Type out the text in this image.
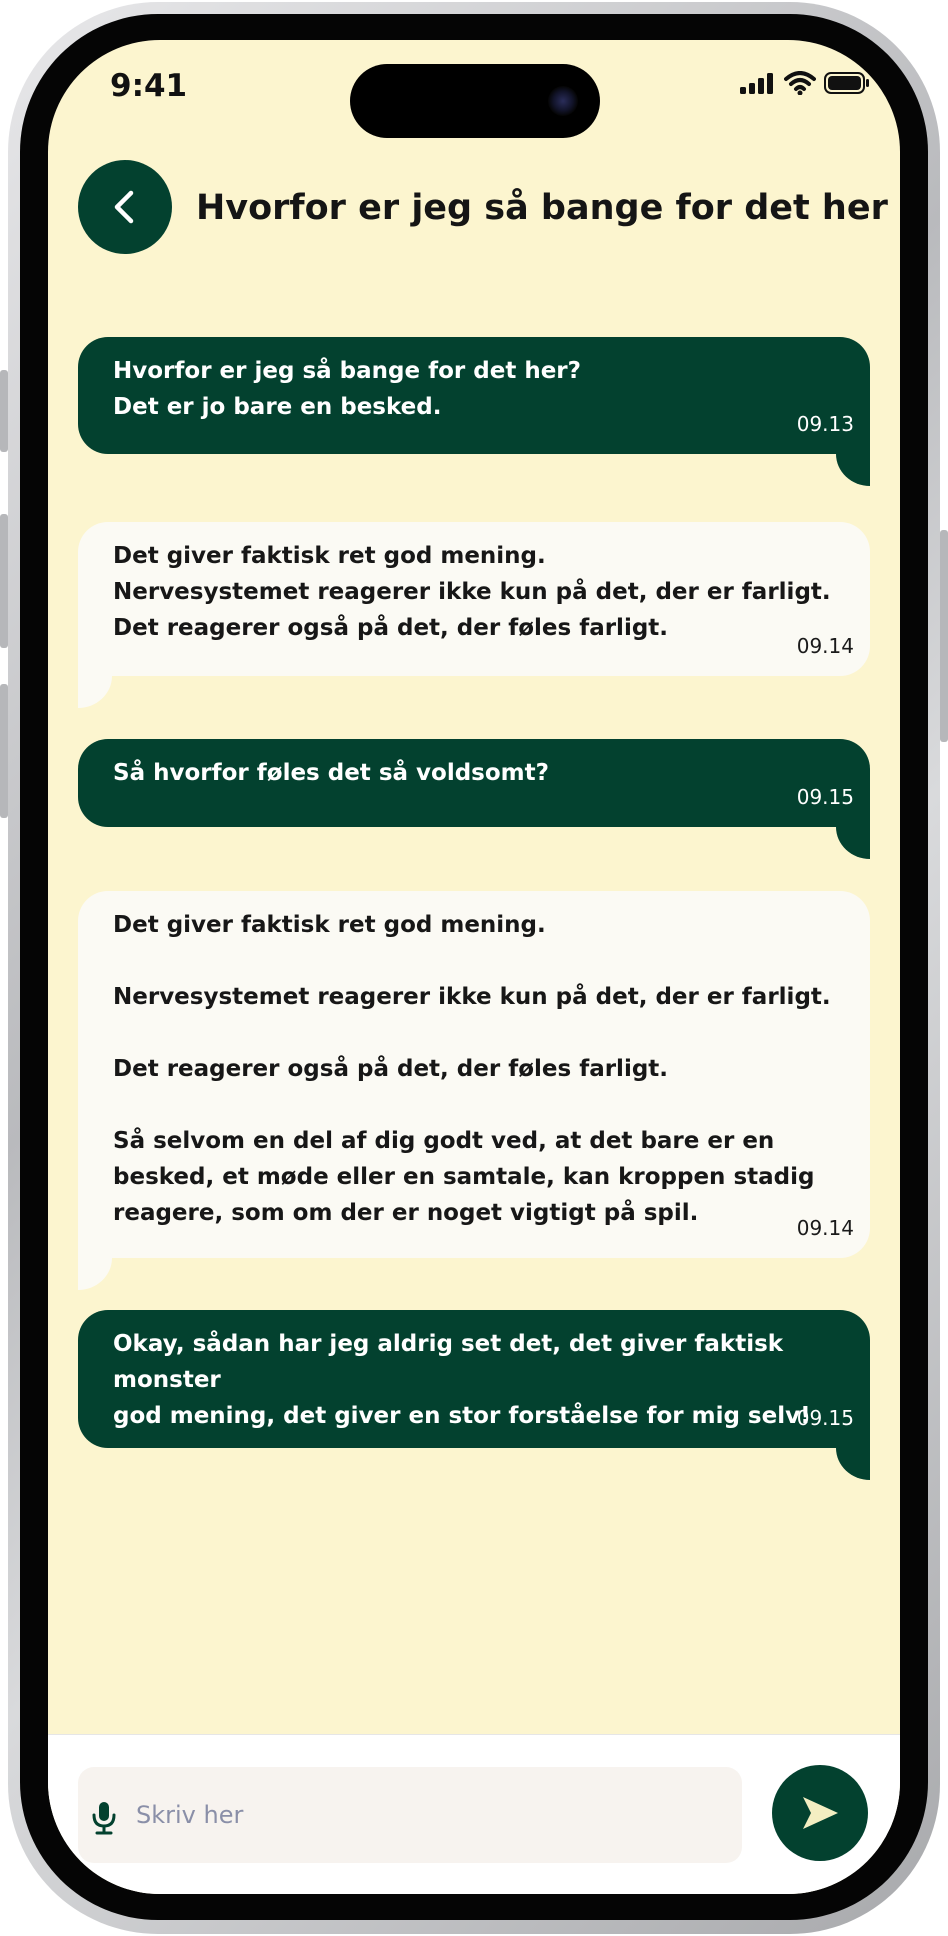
9:41
Hvorfor er jeg så bange for det her
Hvorfor er jeg så bange for det her?
Det er jo bare en besked.
09.13
Det giver faktisk ret god mening.
Nervesystemet reagerer ikke kun på det, der er farligt.
Det reagerer også på det, der føles farligt.
09.14
Så hvorfor føles det så voldsomt?
09.15
Det giver faktisk ret god mening.

Nervesystemet reagerer ikke kun på det, der er farligt.

Det reagerer også på det, der føles farligt.

Så selvom en del af dig godt ved, at det bare er en
besked, et møde eller en samtale, kan kroppen stadig
reagere, som om der er noget vigtigt på spil.
09.14
Okay, sådan har jeg aldrig set det, det giver faktisk monster
god mening, det giver en stor forståelse for mig selv!
09.15
Skriv her
